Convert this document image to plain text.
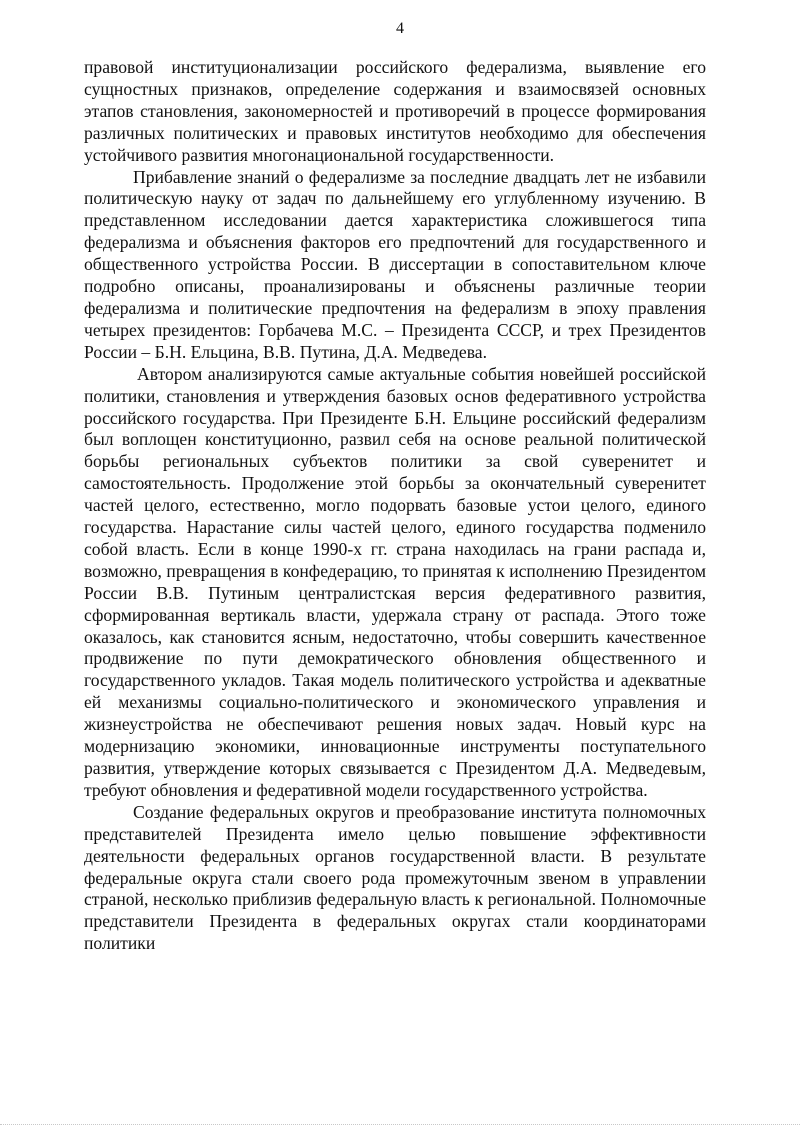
4

правовой институционализации российского федерализма, выявление его сущностных признаков, определение содержания и взаимосвязей основных этапов становления, закономерностей и противоречий в процессе формирования различных политических и правовых институтов необходимо для обеспечения устойчивого развития многонациональной государственности.

Прибавление знаний о федерализме за последние двадцать лет не избавили политическую науку от задач по дальнейшему его углубленному изучению. В представленном исследовании дается характеристика сложившегося типа федерализма и объяснения факторов его предпочтений для государственного и общественного устройства России. В диссертации в сопоставительном ключе подробно описаны, проанализированы и объяснены различные теории федерализма и политические предпочтения на федерализм в эпоху правления четырех президентов: Горбачева М.С. – Президента СССР, и трех Президентов России – Б.Н. Ельцина, В.В. Путина, Д.А. Медведева.

Автором анализируются самые актуальные события новейшей российской политики, становления и утверждения базовых основ федеративного устройства российского государства. При Президенте Б.Н. Ельцине российский федерализм был воплощен конституционно, развил себя на основе реальной политической борьбы региональных субъектов политики за свой суверенитет и самостоятельность. Продолжение этой борьбы за окончательный суверенитет частей целого, естественно, могло подорвать базовые устои целого, единого государства. Нарастание силы частей целого, единого государства подменило собой власть. Если в конце 1990-х гг. страна находилась на грани распада и, возможно, превращения в конфедерацию, то принятая к исполнению Президентом России В.В. Путиным централистская версия федеративного развития, сформированная вертикаль власти, удержала страну от распада. Этого тоже оказалось, как становится ясным, недостаточно, чтобы совершить качественное продвижение по пути демократического обновления общественного и государственного укладов. Такая модель политического устройства и адекватные ей механизмы социально-политического и экономического управления и жизнеустройства не обеспечивают решения новых задач. Новый курс на модернизацию экономики, инновационные инструменты поступательного развития, утверждение которых связывается с Президентом Д.А. Медведевым, требуют обновления и федеративной модели государственного устройства.

Создание федеральных округов и преобразование института полномочных представителей Президента имело целью повышение эффективности деятельности федеральных органов государственной власти. В результате федеральные округа стали своего рода промежуточным звеном в управлении страной, несколько приблизив федеральную власть к региональной. Полномочные представители Президента в федеральных округах стали координаторами политики
